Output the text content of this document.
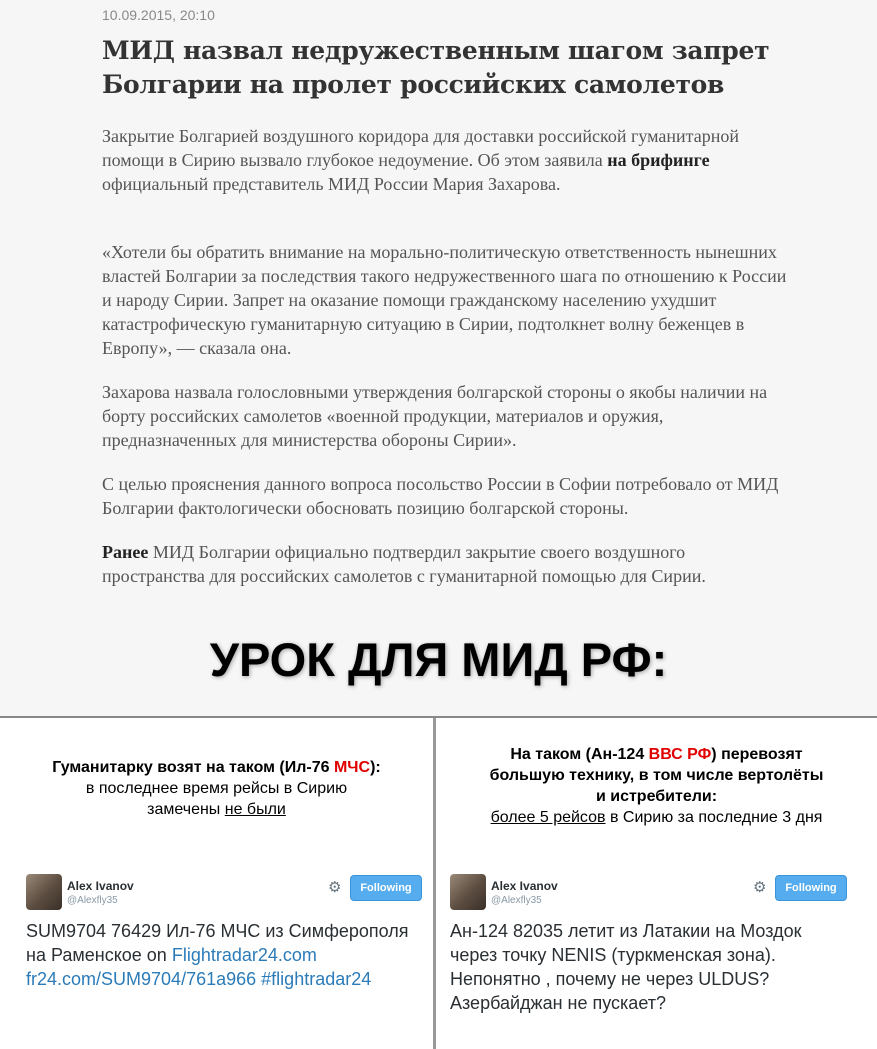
10.09.2015, 20:10
МИД назвал недружественным шагом запрет Болгарии на пролет российских самолетов

Закрытие Болгарией воздушного коридора для доставки российской гуманитарной помощи в Сирию вызвало глубокое недоумение. Об этом заявила на брифинге официальный представитель МИД России Мария Захарова.

«Хотели бы обратить внимание на морально-политическую ответственность нынешних властей Болгарии за последствия такого недружественного шага по отношению к России и народу Сирии. Запрет на оказание помощи гражданскому населению ухудшит катастрофическую гуманитарную ситуацию в Сирии, подтолкнет волну беженцев в Европу», — сказала она.

Захарова назвала голословными утверждения болгарской стороны о якобы наличии на борту российских самолетов «военной продукции, материалов и оружия, предназначенных для министерства обороны Сирии».

С целью прояснения данного вопроса посольство России в Софии потребовало от МИД Болгарии фактологически обосновать позицию болгарской стороны.

Ранее МИД Болгарии официально подтвердил закрытие своего воздушного пространства для российских самолетов с гуманитарной помощью для Сирии.

УРОК ДЛЯ МИД РФ:
Гуманитарку возят на таком (Ил-76 МЧС):
в последнее время рейсы в Сирию
замечены не были
Alex Ivanov
@Alexfly35
⚙	Following
SUM9704 76429 Ил-76 МЧС из Симферополя на Раменское on Flightradar24.com
fr24.com/SUM9704/761a966 #flightradar24
На таком (Ан-124 ВВС РФ) перевозят
большую технику, в том числе вертолёты
и истребители:
более 5 рейсов в Сирию за последние 3 дня
Alex Ivanov
@Alexfly35
⚙	Following
Ан-124 82035 летит из Латакии на Моздок через точку NENIS (туркменская зона). Непонятно , почему не через ULDUS? Азербайджан не пускает?
